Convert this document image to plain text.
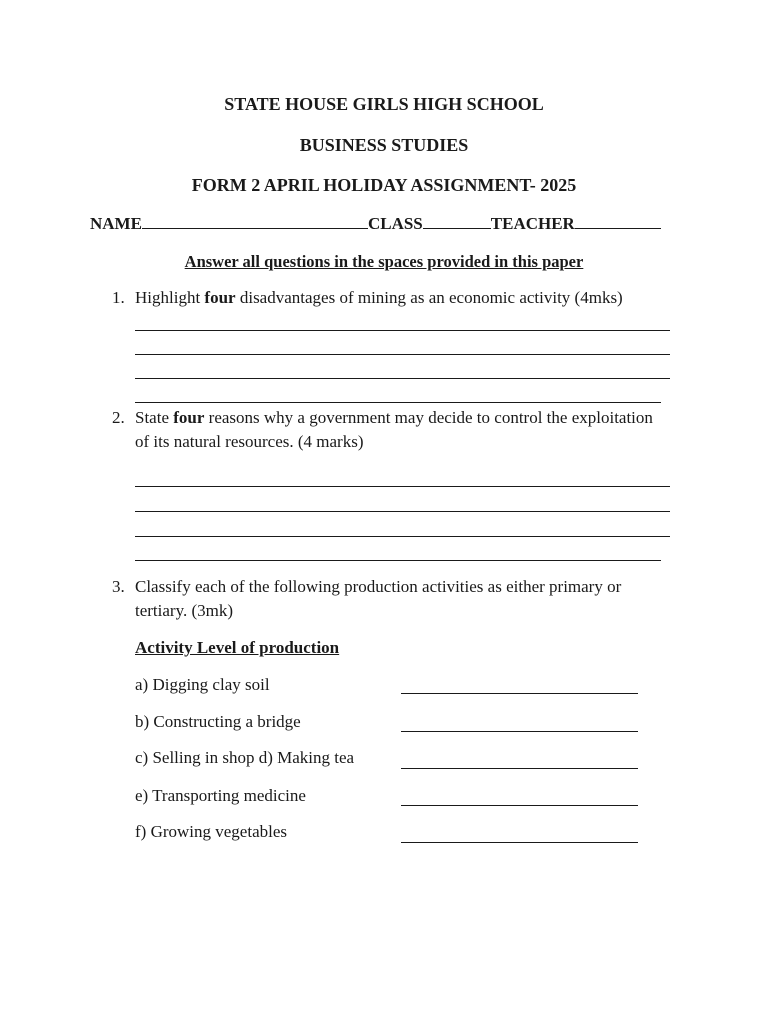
STATE HOUSE GIRLS HIGH SCHOOL
BUSINESS STUDIES
FORM 2 APRIL HOLIDAY ASSIGNMENT- 2025
NAME	CLASS	TEACHER
Answer all questions in the spaces provided in this paper
1. Highlight four disadvantages of mining as an economic activity (4mks)
2. State four reasons why a government may decide to control the exploitation
of its natural resources. (4 marks)
3. Classify each of the following production activities as either primary or
tertiary. (3mk)
Activity Level of production
a) Digging clay soil
b) Constructing a bridge
c) Selling in shop d) Making tea
e) Transporting medicine
f) Growing vegetables
